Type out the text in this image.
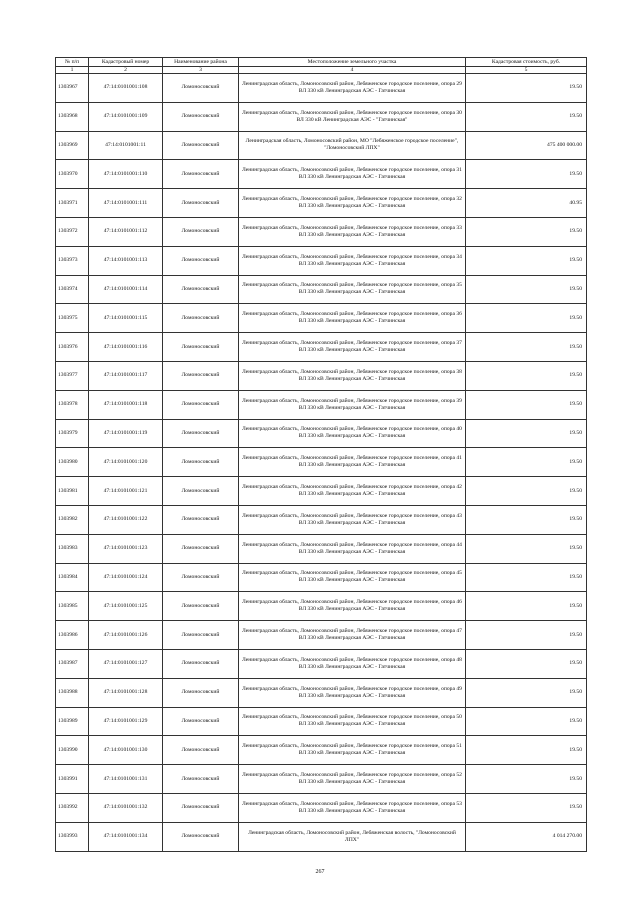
№ п/п	Кадастровый номер	Наименование района	Местоположение земельного участка	Кадастровая стоимость, руб.
1	2	3	4	5
1303967	47:14:0101001:108	Ломоносовский	Ленинградская область, Ломоносовский район, Лебяженское городское поселение, опора 29 ВЛ 330 кВ Ленинградская АЭС - Гатчинская	19.50
1303968	47:14:0101001:109	Ломоносовский	Ленинградская область, Ломоносовский район, Лебяженское городское поселение, опора 30 ВЛ 330 кВ Ленинградская АЭС - "Гатчинская"	19.50
1303969	47:14:0101001:11	Ломоносовский	Ленинградская область, Ломоносовский район, МО "Лебяженское городское поселение", "Ломоносовский ЛПХ"	475 400 000.00
1303970	47:14:0101001:110	Ломоносовский	Ленинградская область, Ломоносовский район, Лебяженское городское поселение, опора 31 ВЛ 330 кВ Ленинградская АЭС - Гатчинская	19.50
1303971	47:14:0101001:111	Ломоносовский	Ленинградская область, Ломоносовский район, Лебяженское городское поселение, опора 32 ВЛ 330 кВ Ленинградская АЭС - Гатчинская	40.95
1303972	47:14:0101001:112	Ломоносовский	Ленинградская область, Ломоносовский район, Лебяженское городское поселение, опора 33 ВЛ 330 кВ Ленинградская АЭС - Гатчинская	19.50
1303973	47:14:0101001:113	Ломоносовский	Ленинградская область, Ломоносовский район, Лебяженское городское поселение, опора 34 ВЛ 330 кВ Ленинградская АЭС - Гатчинская	19.50
1303974	47:14:0101001:114	Ломоносовский	Ленинградская область, Ломоносовский район, Лебяженское городское поселение, опора 35 ВЛ 330 кВ Ленинградская АЭС - Гатчинская	19.50
1303975	47:14:0101001:115	Ломоносовский	Ленинградская область, Ломоносовский район, Лебяженское городское поселение, опора 36 ВЛ 330 кВ Ленинградская АЭС - Гатчинская	19.50
1303976	47:14:0101001:116	Ломоносовский	Ленинградская область, Ломоносовский район, Лебяженское городское поселение, опора 37 ВЛ 330 кВ Ленинградская АЭС - Гатчинская	19.50
1303977	47:14:0101001:117	Ломоносовский	Ленинградская область, Ломоносовский район, Лебяженское городское поселение, опора 38 ВЛ 330 кВ Ленинградская АЭС - Гатчинская	19.50
1303978	47:14:0101001:118	Ломоносовский	Ленинградская область, Ломоносовский район, Лебяженское городское поселение, опора 39 ВЛ 330 кВ Ленинградская АЭС - Гатчинская	19.50
1303979	47:14:0101001:119	Ломоносовский	Ленинградская область, Ломоносовский район, Лебяженское городское поселение, опора 40 ВЛ 330 кВ Ленинградская АЭС - Гатчинская	19.50
1303980	47:14:0101001:120	Ломоносовский	Ленинградская область, Ломоносовский район, Лебяженское городское поселение, опора 41 ВЛ 330 кВ Ленинградская АЭС - Гатчинская	19.50
1303981	47:14:0101001:121	Ломоносовский	Ленинградская область, Ломоносовский район, Лебяженское городское поселение, опора 42 ВЛ 330 кВ Ленинградская АЭС - Гатчинская	19.50
1303982	47:14:0101001:122	Ломоносовский	Ленинградская область, Ломоносовский район, Лебяженское городское поселение, опора 43 ВЛ 330 кВ Ленинградская АЭС - Гатчинская	19.50
1303983	47:14:0101001:123	Ломоносовский	Ленинградская область, Ломоносовский район, Лебяженское городское поселение, опора 44 ВЛ 330 кВ Ленинградская АЭС - Гатчинская	19.50
1303984	47:14:0101001:124	Ломоносовский	Ленинградская область, Ломоносовский район, Лебяженское городское поселение, опора 45 ВЛ 330 кВ Ленинградская АЭС - Гатчинская	19.50
1303985	47:14:0101001:125	Ломоносовский	Ленинградская область, Ломоносовский район, Лебяженское городское поселение, опора 46 ВЛ 330 кВ Ленинградская АЭС - Гатчинская	19.50
1303986	47:14:0101001:126	Ломоносовский	Ленинградская область, Ломоносовский район, Лебяженское городское поселение, опора 47 ВЛ 330 кВ Ленинградская АЭС - Гатчинская	19.50
1303987	47:14:0101001:127	Ломоносовский	Ленинградская область, Ломоносовский район, Лебяженское городское поселение, опора 48 ВЛ 330 кВ Ленинградская АЭС - Гатчинская	19.50
1303988	47:14:0101001:128	Ломоносовский	Ленинградская область, Ломоносовский район, Лебяженское городское поселение, опора 49 ВЛ 330 кВ Ленинградская АЭС - Гатчинская	19.50
1303989	47:14:0101001:129	Ломоносовский	Ленинградская область, Ломоносовский район, Лебяженское городское поселение, опора 50 ВЛ 330 кВ Ленинградская АЭС - Гатчинская	19.50
1303990	47:14:0101001:130	Ломоносовский	Ленинградская область, Ломоносовский район, Лебяженское городское поселение, опора 51 ВЛ 330 кВ Ленинградская АЭС - Гатчинская	19.50
1303991	47:14:0101001:131	Ломоносовский	Ленинградская область, Ломоносовский район, Лебяженское городское поселение, опора 52 ВЛ 330 кВ Ленинградская АЭС - Гатчинская	19.50
1303992	47:14:0101001:132	Ломоносовский	Ленинградская область, Ломоносовский район, Лебяженское городское поселение, опора 53 ВЛ 330 кВ Ленинградская АЭС - Гатчинская	19.50
1303993	47:14:0101001:134	Ломоносовский	Ленинградская область, Ломоносовский район, Лебяженская волость, "Ломоносовский ЛПХ"	4 014 270.00
267
